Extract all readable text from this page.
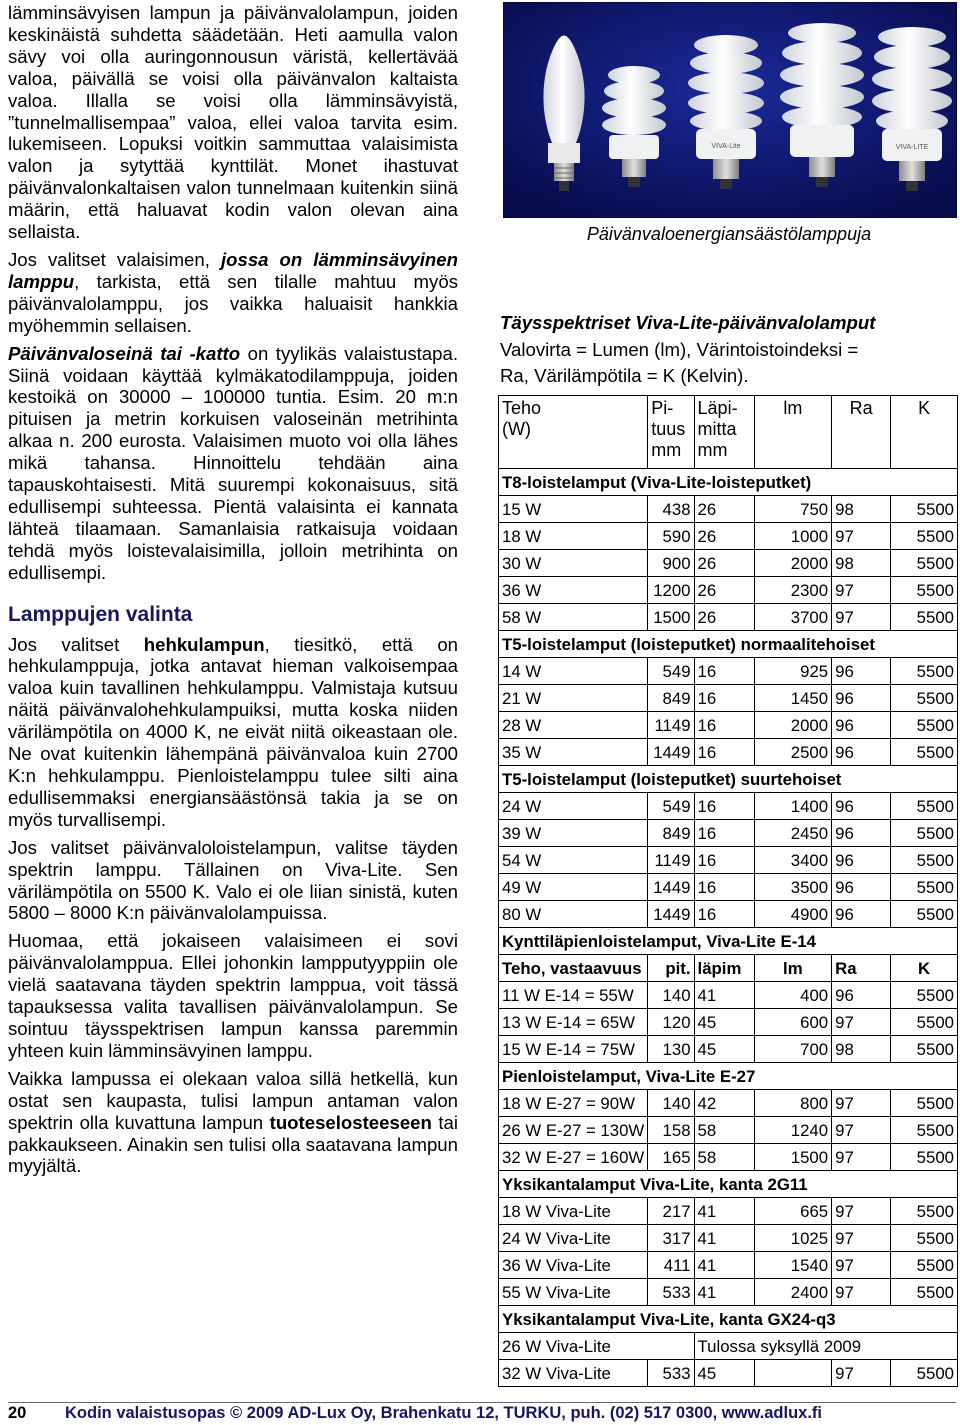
lämminsävyisen lampun ja päivänvalolampun, joiden keskinäistä suhdetta säädetään. Heti aamulla valon sävy voi olla auringonnousun väristä, kellertävää valoa, päivällä se voisi olla päivänvalon kaltaista valoa. Illalla se voisi olla lämminsävyistä, ”tunnelmallisempaa” valoa, ellei valoa tarvita esim. lukemiseen. Lopuksi voitkin sammuttaa valaisimista valon ja sytyttää kynttilät. Monet ihastuvat päivänvalonkaltaisen valon tunnelmaan kuitenkin siinä määrin, että haluavat kodin valon olevan aina sellaista.

Jos valitset valaisimen, jossa on lämminsävyinen lamppu, tarkista, että sen tilalle mahtuu myös päivänvalolamppu, jos vaikka haluaisit hankkia myöhemmin sellaisen.

Päivänvaloseinä tai -katto on tyylikäs valaistustapa. Siinä voidaan käyttää kylmäkatodilamppuja, joiden kestoikä on 30000 – 100000 tuntia. Esim. 20 m:n pituisen ja metrin korkuisen valoseinän metrihinta alkaa n. 200 eurosta. Valaisimen muoto voi olla lähes mikä tahansa. Hinnoittelu tehdään aina tapauskohtaisesti. Mitä suurempi kokonaisuus, sitä edullisempi suhteessa. Pientä valaisinta ei kannata lähteä tilaamaan. Samanlaisia ratkaisuja voidaan tehdä myös loistevalaisimilla, jolloin metrihinta on edullisempi.

Lamppujen valinta

Jos valitset hehkulampun, tiesitkö, että on hehkulamppuja, jotka antavat hieman valkoisempaa valoa kuin tavallinen hehkulamppu. Valmistaja kutsuu näitä päivänvalohehkulampuiksi, mutta koska niiden värilämpötila on 4000 K, ne eivät niitä oikeastaan ole. Ne ovat kuitenkin lähempänä päivänvaloa kuin 2700 K:n hehkulamppu. Pienloistelamppu tulee silti aina edullisemmaksi energiansäästönsä takia ja se on myös turvallisempi.

Jos valitset päivänvaloloistelampun, valitse täyden spektrin lamppu. Tällainen on Viva-Lite. Sen värilämpötila on 5500 K. Valo ei ole liian sinistä, kuten 5800 – 8000 K:n päivänvalolampuissa.

Huomaa, että jokaiseen valaisimeen ei sovi päivänvalolamppua. Ellei johonkin lampputyyppiin ole vielä saatavana täyden spektrin lamppua, voit tässä tapauksessa valita tavallisen päivänvalolampun. Se sointuu täysspektrisen lampun kanssa paremmin yhteen kuin lämminsävyinen lamppu.

Vaikka lampussa ei olekaan valoa sillä hetkellä, kun ostat sen kaupasta, tulisi lampun antaman valon spektrin olla kuvattuna lampun tuoteselosteeseen tai pakkaukseen. Ainakin sen tulisi olla saatavana lampun myyjältä.

VIVA-Lite	VIVA-LITE
Päivänvaloenergiansäästölamppuja
Täysspektriset Viva-Lite-päivänvalolamput
Valovirta = Lumen (lm), Värintoistoindeksi =
Ra, Värilämpötila = K (Kelvin).
Teho
(W)	Pi-
tuus
mm	Läpi-
mitta
mm	lm	Ra	K
T8-loistelamput (Viva-Lite-loisteputket)					
15 W	438	26	750	98	5500
18 W	590	26	1000	97	5500
30 W	900	26	2000	98	5500
36 W	1200	26	2300	97	5500
58 W	1500	26	3700	97	5500
T5-loistelamput (loisteputket) normaalitehoiset					
14 W	549	16	925	96	5500
21 W	849	16	1450	96	5500
28 W	1149	16	2000	96	5500
35 W	1449	16	2500	96	5500
T5-loistelamput (loisteputket) suurtehoiset					
24 W	549	16	1400	96	5500
39 W	849	16	2450	96	5500
54 W	1149	16	3400	96	5500
49 W	1449	16	3500	96	5500
80 W	1449	16	4900	96	5500
Kynttiläpienloistelamput, Viva-Lite E-14					
Teho, vastaavuus	pit.	läpim	lm	Ra	K
11 W E-14 = 55W	140	41	400	96	5500
13 W E-14 = 65W	120	45	600	97	5500
15 W E-14 = 75W	130	45	700	98	5500
Pienloistelamput, Viva-Lite E-27					
18 W E-27 = 90W	140	42	800	97	5500
26 W E-27 = 130W	158	58	1240	97	5500
32 W E-27 = 160W	165	58	1500	97	5500
Yksikantalamput Viva-Lite, kanta 2G11					
18 W Viva-Lite	217	41	665	97	5500
24 W Viva-Lite	317	41	1025	97	5500
36 W Viva-Lite	411	41	1540	97	5500
55 W Viva-Lite	533	41	2400	97	5500
Yksikantalamput Viva-Lite, kanta GX24-q3					
26 W Viva-Lite		Tulossa syksyllä 2009			
32 W Viva-Lite	533	45		97	5500
20 Kodin valaistusopas © 2009 AD-Lux Oy, Brahenkatu 12, TURKU, puh. (02) 517 0300, www.adlux.fi
